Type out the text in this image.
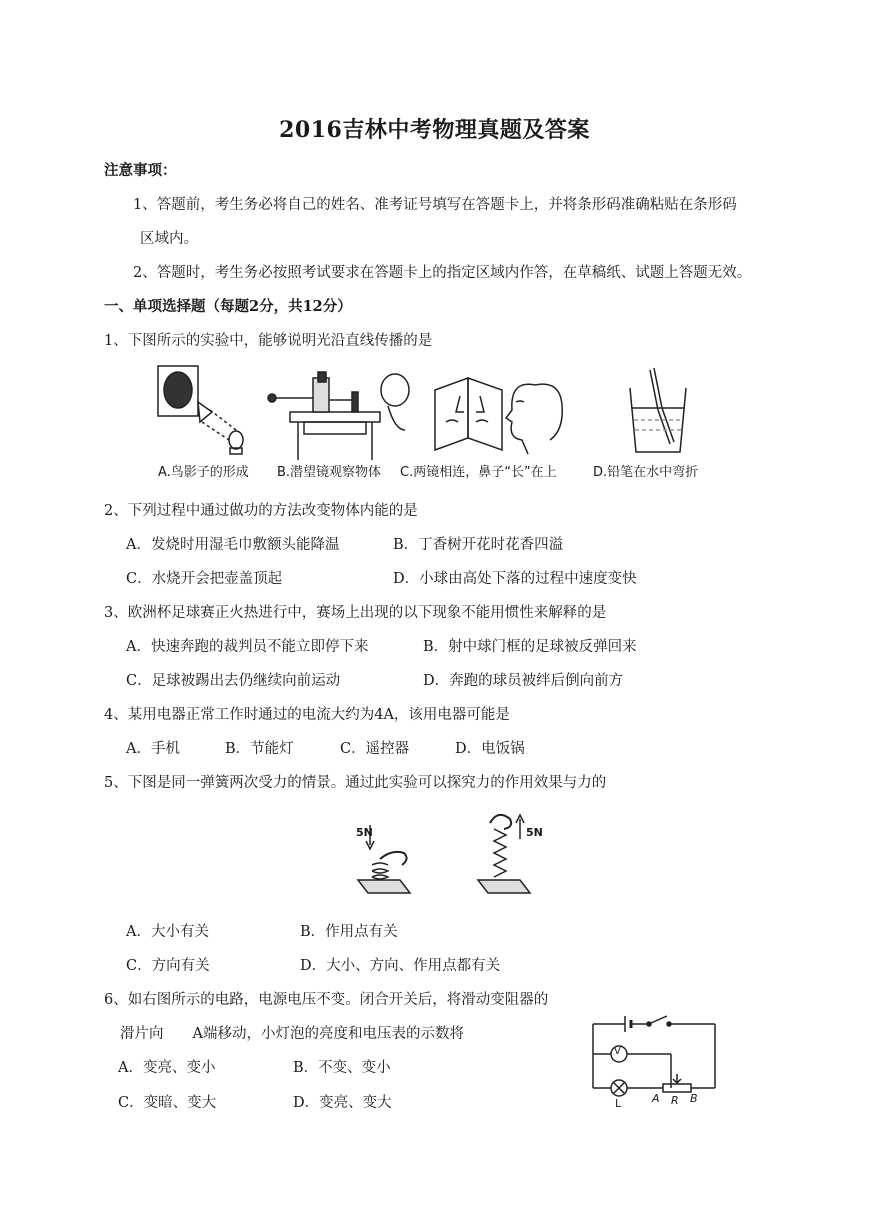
2016吉林中考物理真题及答案
注意事项：
1、答题前，考生务必将自己的姓名、准考证号填写在答题卡上，并将条形码准确粘贴在条形码
区域内。
2、答题时，考生务必按照考试要求在答题卡上的指定区域内作答，在草稿纸、试题上答题无效。
一、单项选择题（每题2分，共12分）
1、下图所示的实验中，能够说明光沿直线传播的是
A.鸟影子的形成 B.潜望镜观察物体 C.两镜相连，鼻子“长”在上	D.铅笔在水中弯折
2、下列过程中通过做功的方法改变物体内能的是
A．发烧时用湿毛巾敷额头能降温	B．丁香树开花时花香四溢
C．水烧开会把壶盖顶起	D．小球由高处下落的过程中速度变快
3、欧洲杯足球赛正火热进行中，赛场上出现的以下现象不能用惯性来解释的是
A．快速奔跑的裁判员不能立即停下来	B．射中球门框的足球被反弹回来
C．足球被踢出去仍继续向前运动	D．奔跑的球员被绊后倒向前方
4、某用电器正常工作时通过的电流大约为4A，该用电器可能是
A．手机	B．节能灯	C．遥控器	D．电饭锅
5、下图是同一弹簧两次受力的情景。通过此实验可以探究力的作用效果与力的
5N	5N
A．大小有关	B．作用点有关
C．方向有关	D．大小、方向、作用点都有关
6、如右图所示的电路，电源电压不变。闭合开关后，将滑动变阻器的
滑片向　　A端移动，小灯泡的亮度和电压表的示数将
A．变亮、变小	B．不变、变小
C．变暗、变大	D．变亮、变大
V
L	A R B
